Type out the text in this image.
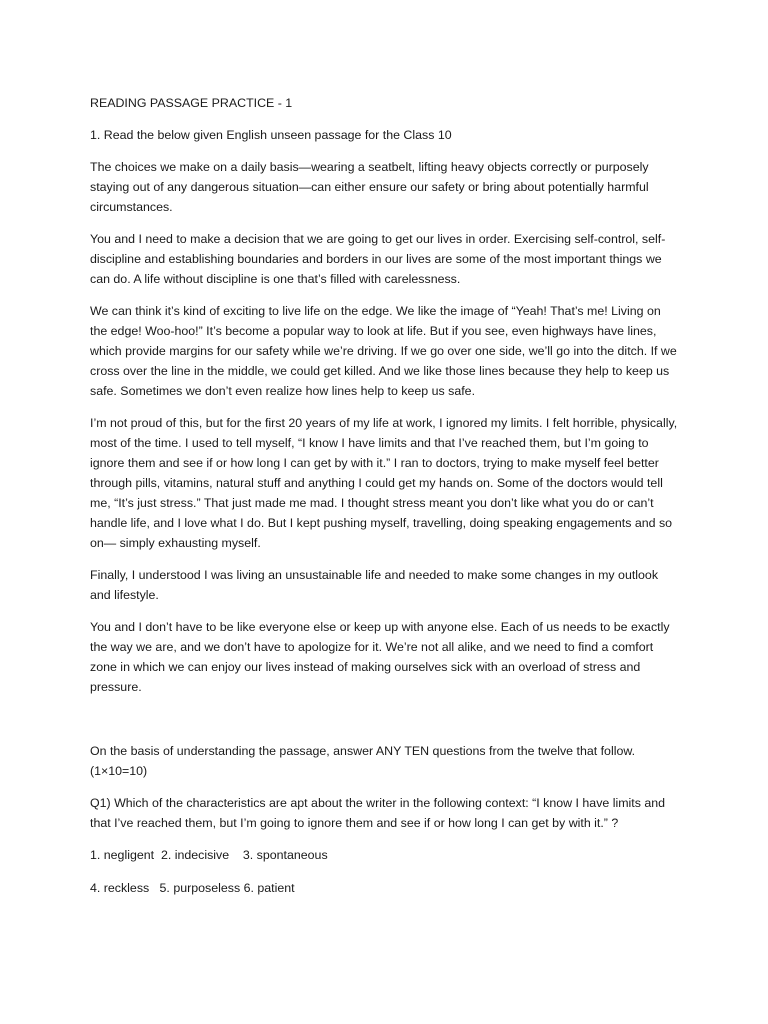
READING PASSAGE PRACTICE - 1

1. Read the below given English unseen passage for the Class 10

The choices we make on a daily basis—wearing a seatbelt, lifting heavy objects correctly or purposely staying out of any dangerous situation—can either ensure our safety or bring about potentially harmful circumstances.

You and I need to make a decision that we are going to get our lives in order. Exercising self-control, self-discipline and establishing boundaries and borders in our lives are some of the most important things we can do. A life without discipline is one that’s filled with carelessness.

We can think it’s kind of exciting to live life on the edge. We like the image of “Yeah! That’s me! Living on the edge! Woo-hoo!” It’s become a popular way to look at life. But if you see, even highways have lines, which provide margins for our safety while we’re driving. If we go over one side, we’ll go into the ditch. If we cross over the line in the middle, we could get killed. And we like those lines because they help to keep us safe. Sometimes we don’t even realize how lines help to keep us safe.

I’m not proud of this, but for the first 20 years of my life at work, I ignored my limits. I felt horrible, physically, most of the time. I used to tell myself, “I know I have limits and that I’ve reached them, but I’m going to ignore them and see if or how long I can get by with it.” I ran to doctors, trying to make myself feel better through pills, vitamins, natural stuff and anything I could get my hands on. Some of the doctors would tell me, “It’s just stress.” That just made me mad. I thought stress meant you don’t like what you do or can’t handle life, and I love what I do. But I kept pushing myself, travelling, doing speaking engagements and so on— simply exhausting myself.

Finally, I understood I was living an unsustainable life and needed to make some changes in my outlook and lifestyle.

You and I don’t have to be like everyone else or keep up with anyone else. Each of us needs to be exactly the way we are, and we don’t have to apologize for it. We’re not all alike, and we need to find a comfort zone in which we can enjoy our lives instead of making ourselves sick with an overload of stress and pressure.

On the basis of understanding the passage, answer ANY TEN questions from the twelve that follow. (1×10=10)

Q1) Which of the characteristics are apt about the writer in the following context: “I know I have limits and that I’ve reached them, but I’m going to ignore them and see if or how long I can get by with it.” ?

1. negligent  2. indecisive    3. spontaneous

4. reckless   5. purposeless 6. patient
